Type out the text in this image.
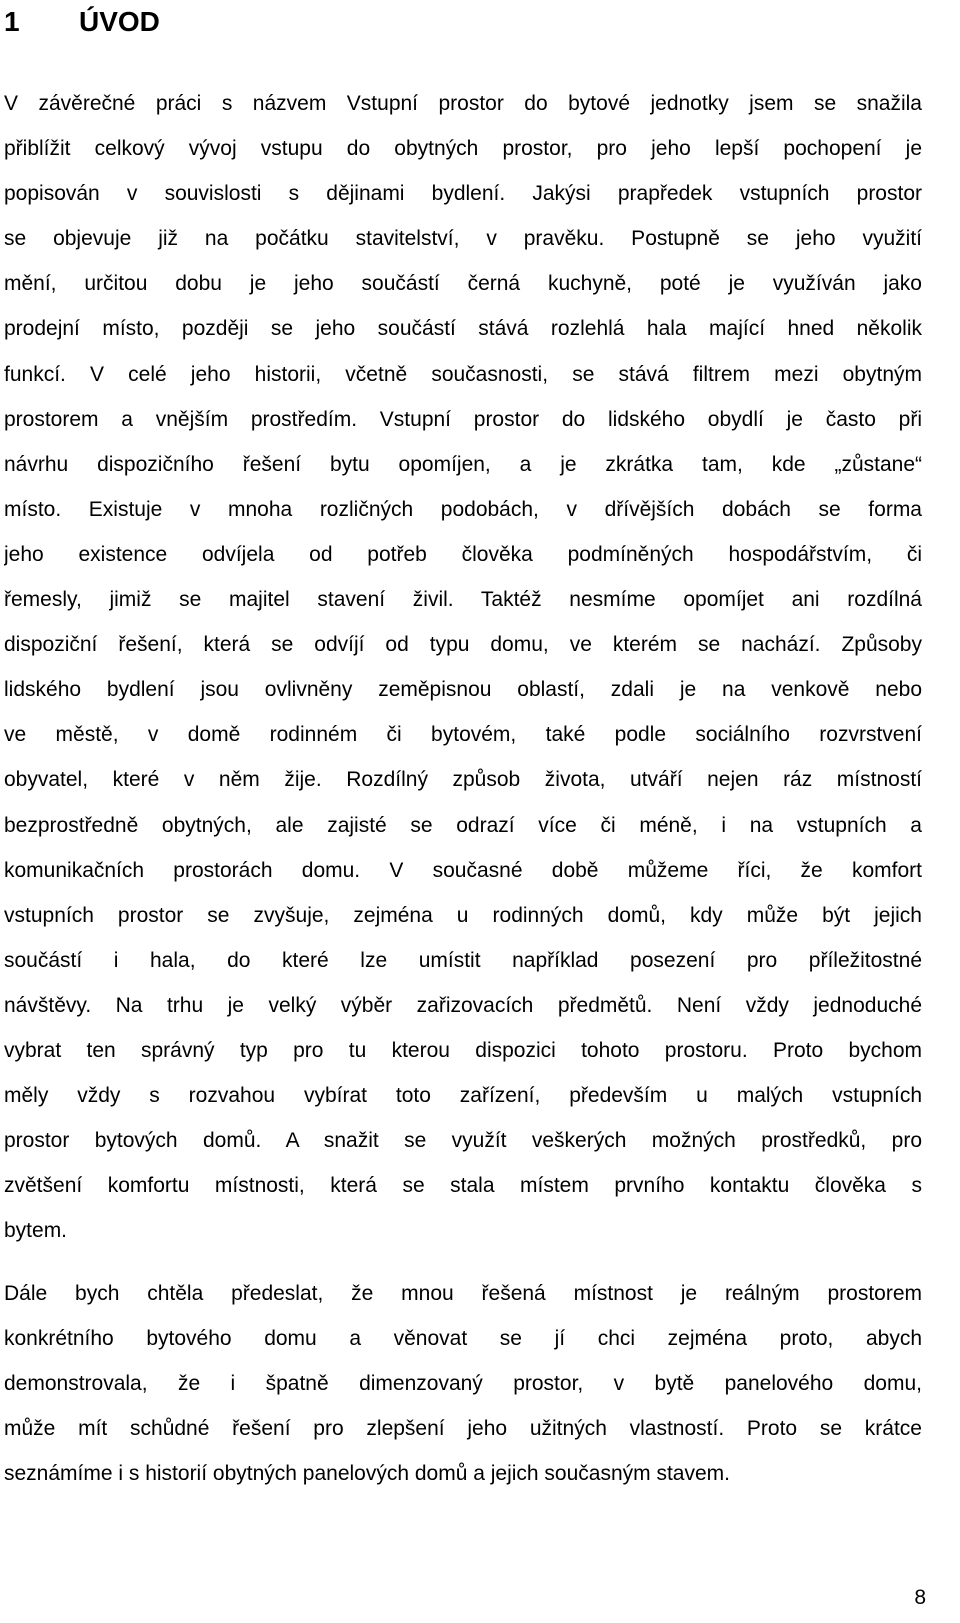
1 ÚVOD

V závěrečné práci s názvem Vstupní prostor do bytové jednotky jsem se snažila
přiblížit celkový vývoj vstupu do obytných prostor, pro jeho lepší pochopení je
popisován v souvislosti s dějinami bydlení. Jakýsi prapředek vstupních prostor
se objevuje již na počátku stavitelství, v pravěku. Postupně se jeho využití
mění, určitou dobu je jeho součástí černá kuchyně, poté je využíván jako
prodejní místo, později se jeho součástí stává rozlehlá hala mající hned několik
funkcí. V celé jeho historii, včetně současnosti, se stává filtrem mezi obytným
prostorem a vnějším prostředím. Vstupní prostor do lidského obydlí je často při
návrhu dispozičního řešení bytu opomíjen, a je zkrátka tam, kde „zůstane“
místo. Existuje v mnoha rozličných podobách, v dřívějších dobách se forma
jeho existence odvíjela od potřeb člověka podmíněných hospodářstvím, či
řemesly, jimiž se majitel stavení živil. Taktéž nesmíme opomíjet ani rozdílná
dispoziční řešení, která se odvíjí od typu domu, ve kterém se nachází. Způsoby
lidského bydlení jsou ovlivněny zeměpisnou oblastí, zdali je na venkově nebo
ve městě, v domě rodinném či bytovém, také podle sociálního rozvrstvení
obyvatel, které v něm žije. Rozdílný způsob života, utváří nejen ráz místností
bezprostředně obytných, ale zajisté se odrazí více či méně, i na vstupních a
komunikačních prostorách domu. V současné době můžeme říci, že komfort
vstupních prostor se zvyšuje, zejména u rodinných domů, kdy může být jejich
součástí i hala, do které lze umístit například posezení pro příležitostné
návštěvy. Na trhu je velký výběr zařizovacích předmětů. Není vždy jednoduché
vybrat ten správný typ pro tu kterou dispozici tohoto prostoru. Proto bychom
měly vždy s rozvahou vybírat toto zařízení, především u malých vstupních
prostor bytových domů. A snažit se využít veškerých možných prostředků, pro
zvětšení komfortu místnosti, která se stala místem prvního kontaktu člověka s
bytem.

Dále bych chtěla předeslat, že mnou řešená místnost je reálným prostorem
konkrétního bytového domu a věnovat se jí chci zejména proto, abych
demonstrovala, že i špatně dimenzovaný prostor, v bytě panelového domu,
může mít schůdné řešení pro zlepšení jeho užitných vlastností. Proto se krátce
seznámíme i s historií obytných panelových domů a jejich současným stavem.

8
